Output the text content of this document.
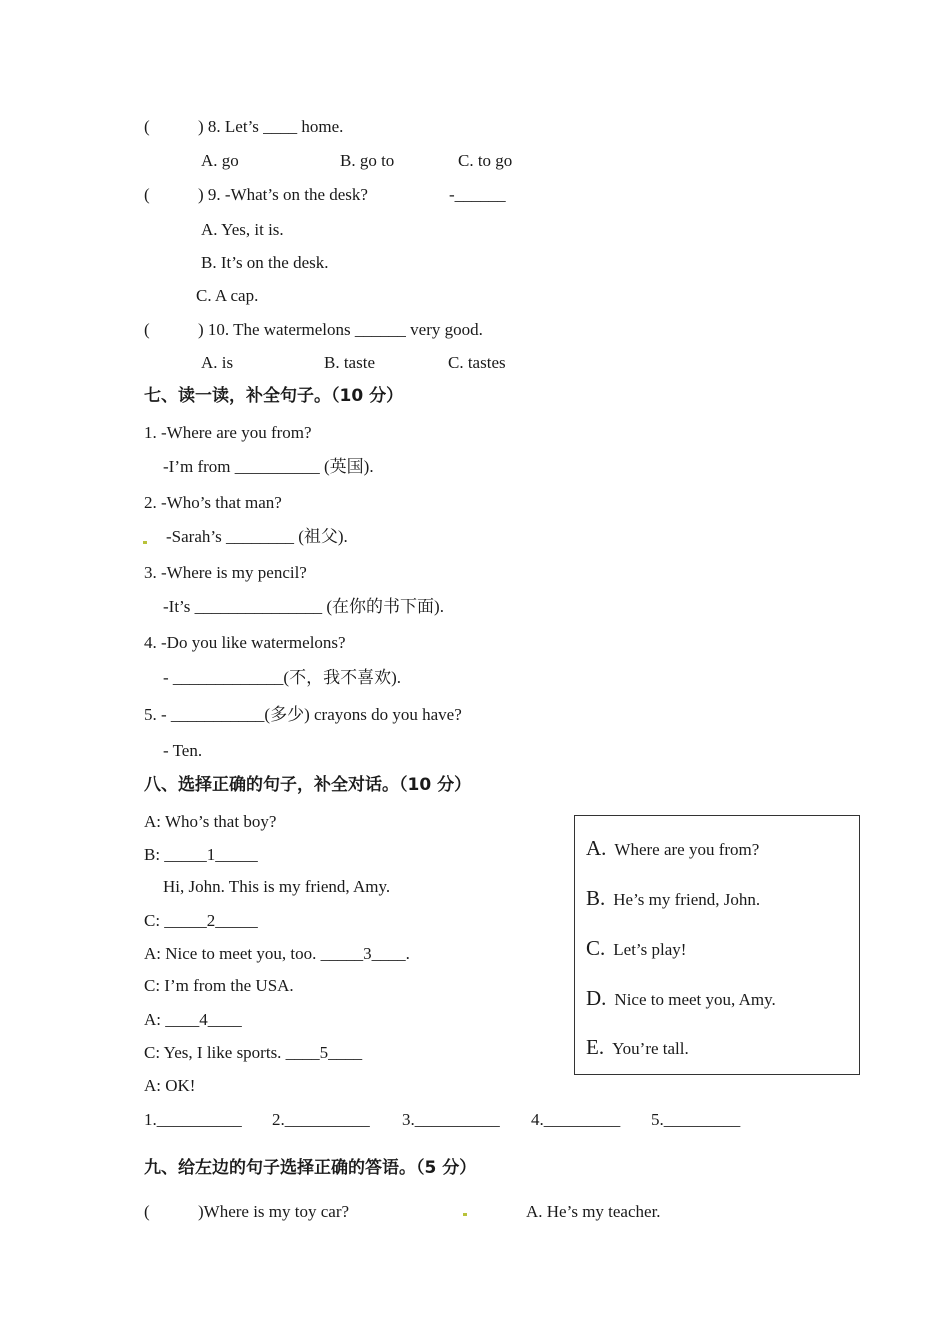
(	) 8. Let’s ____ home.
A. go	B. go to	C. to go
(	) 9. -What’s on the desk?	-______
A. Yes, it is.
B. It’s on the desk.
C. A cap.
(	) 10. The watermelons ______ very good.
A. is	B. taste	C. tastes
七、读一读，补全句子。（10 分）
1. -Where are you from?
-I’m from __________ (英国).
2. -Who’s that man?
-Sarah’s ________ (祖父).
3. -Where is my pencil?
-It’s _______________ (在你的书下面).
4. -Do you like watermelons?
- _____________(不，我不喜欢).
5. - ___________(多少) crayons do you have?
- Ten.
八、选择正确的句子，补全对话。（10 分）
A: Who’s that boy?
B: _____1_____
Hi, John. This is my friend, Amy.
C: _____2_____
A: Nice to meet you, too. _____3____.
C: I’m from the USA.
A: ____4____
C: Yes, I like sports. ____5____
A: OK!
A. Where are you from?
B. He’s my friend, John.
C. Let’s play!
D. Nice to meet you, Amy.
E. You’re tall.
1.__________ 2.__________ 3.__________ 4._________ 5._________
九、给左边的句子选择正确的答语。（5 分）
(	)Where is my toy car?	A. He’s my teacher.
